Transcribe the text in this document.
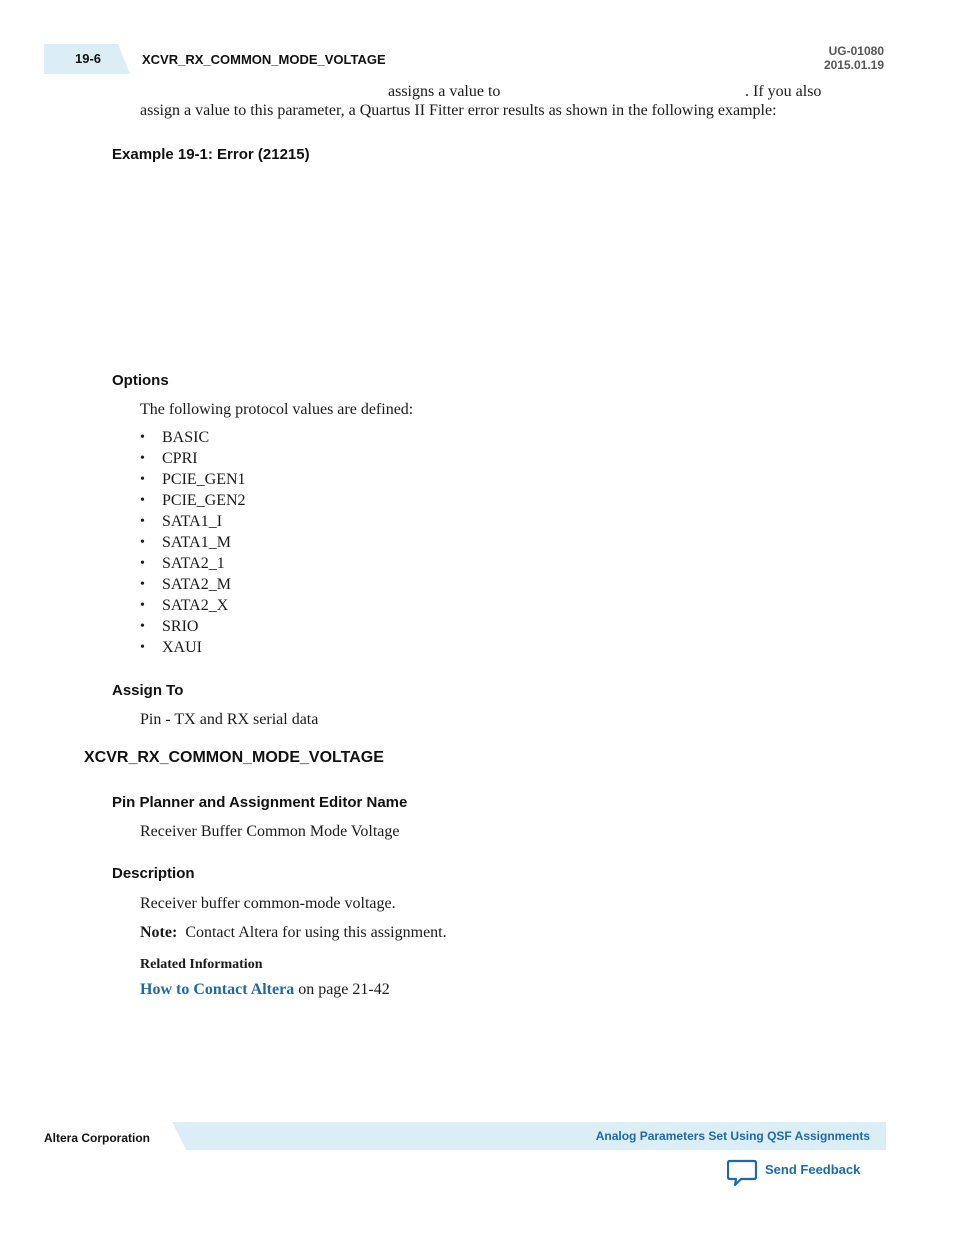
19-6	XCVR_RX_COMMON_MODE_VOLTAGE
UG-01080
2015.01.19
assigns a value to	. If you also
assign a value to this parameter, a Quartus II Fitter error results as shown in the following example:
Example 19-1: Error (21215)
Options
The following protocol values are defined:
• BASIC
• CPRI
• PCIE_GEN1
• PCIE_GEN2
• SATA1_I
• SATA1_M
• SATA2_1
• SATA2_M
• SATA2_X
• SRIO
• XAUI
Assign To
Pin - TX and RX serial data
XCVR_RX_COMMON_MODE_VOLTAGE
Pin Planner and Assignment Editor Name
Receiver Buffer Common Mode Voltage
Description
Receiver buffer common-mode voltage.
Note: Contact Altera for using this assignment.
Related Information
How to Contact Altera on page 21-42
Altera Corporation	Analog Parameters Set Using QSF Assignments
Send Feedback
